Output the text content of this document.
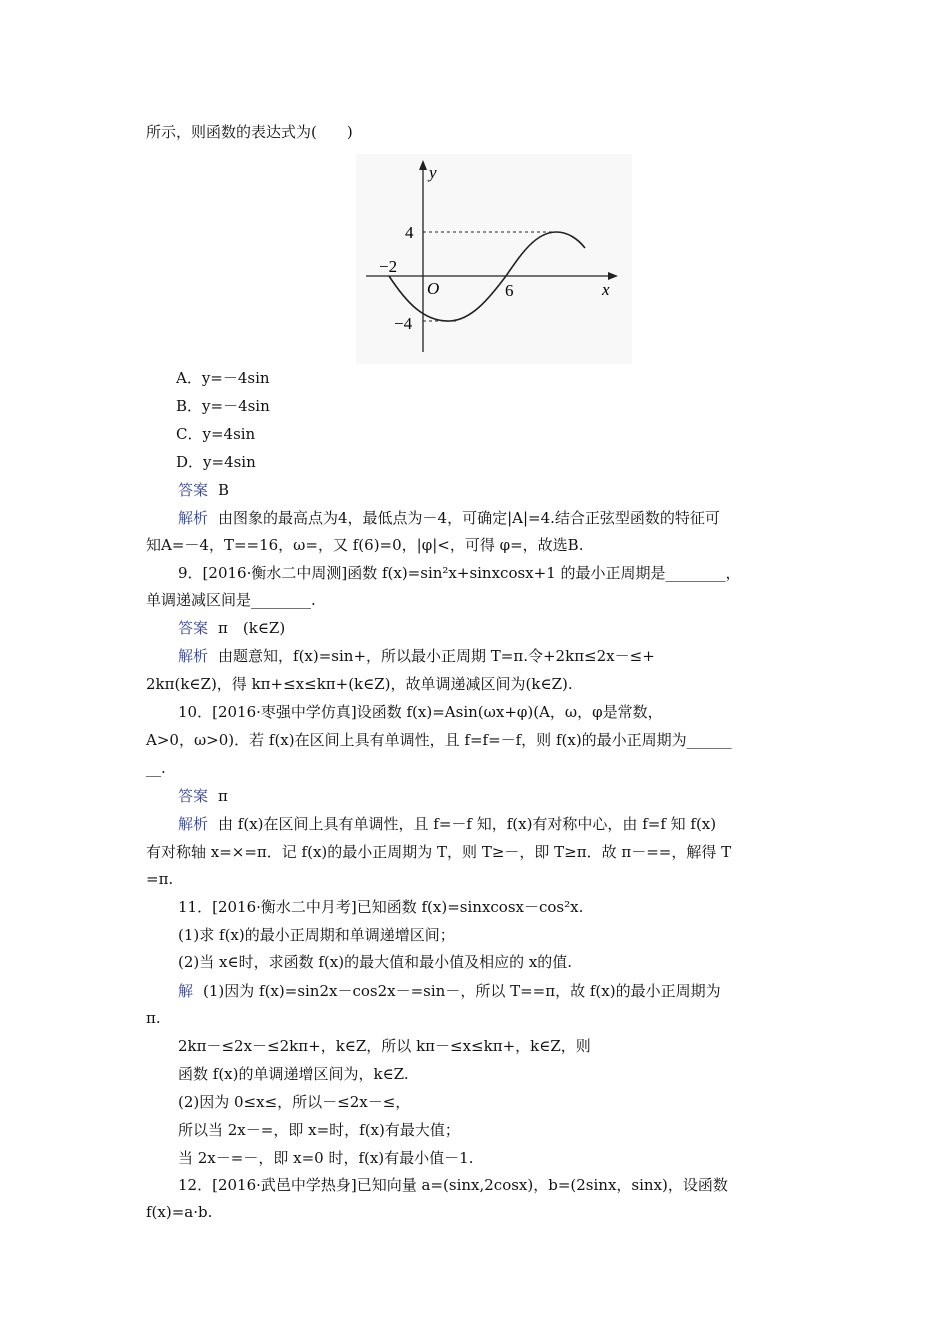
所示，则函数的表达式为(　　)
y
x
O
4
−4
−2
6
A．y=－4sin
B．y=－4sin
C．y=4sin
D．y=4sin
答案 B
解析 由图象的最高点为4，最低点为－4，可确定|A|=4.结合正弦型函数的特征可
知A=－4，T==16，ω=，又 f(6)=0，|φ|<，可得 φ=，故选B.
9．[2016·衡水二中周测]函数 f(x)=sin²x+sinxcosx+1 的最小正周期是________，
单调递减区间是________.
答案 π　(k∈Z)
解析 由题意知，f(x)=sin+，所以最小正周期 T=π.令+2kπ≤2x－≤+
2kπ(k∈Z)，得 kπ+≤x≤kπ+(k∈Z)，故单调递减区间为(k∈Z).
10．[2016·枣强中学仿真]设函数 f(x)=Asin(ωx+φ)(A，ω，φ是常数，
A>0，ω>0)．若 f(x)在区间上具有单调性，且 f=f=－f，则 f(x)的最小正周期为______
__.
答案 π
解析 由 f(x)在区间上具有单调性，且 f=－f 知，f(x)有对称中心，由 f=f 知 f(x)
有对称轴 x=×=π．记 f(x)的最小正周期为 T，则 T≥－，即 T≥π．故 π－==，解得 T
=π.
11．[2016·衡水二中月考]已知函数 f(x)=sinxcosx－cos²x.
(1)求 f(x)的最小正周期和单调递增区间；
(2)当 x∈时，求函数 f(x)的最大值和最小值及相应的 x的值.
解 (1)因为 f(x)=sin2x－cos2x－=sin－，所以 T==π，故 f(x)的最小正周期为
π.
2kπ－≤2x－≤2kπ+，k∈Z，所以 kπ－≤x≤kπ+，k∈Z，则
函数 f(x)的单调递增区间为，k∈Z.
(2)因为 0≤x≤，所以－≤2x－≤，
所以当 2x－=，即 x=时，f(x)有最大值；
当 2x－=－，即 x=0 时，f(x)有最小值－1.
12．[2016·武邑中学热身]已知向量 a=(sinx,2cosx)，b=(2sinx，sinx)，设函数
f(x)=a·b.
